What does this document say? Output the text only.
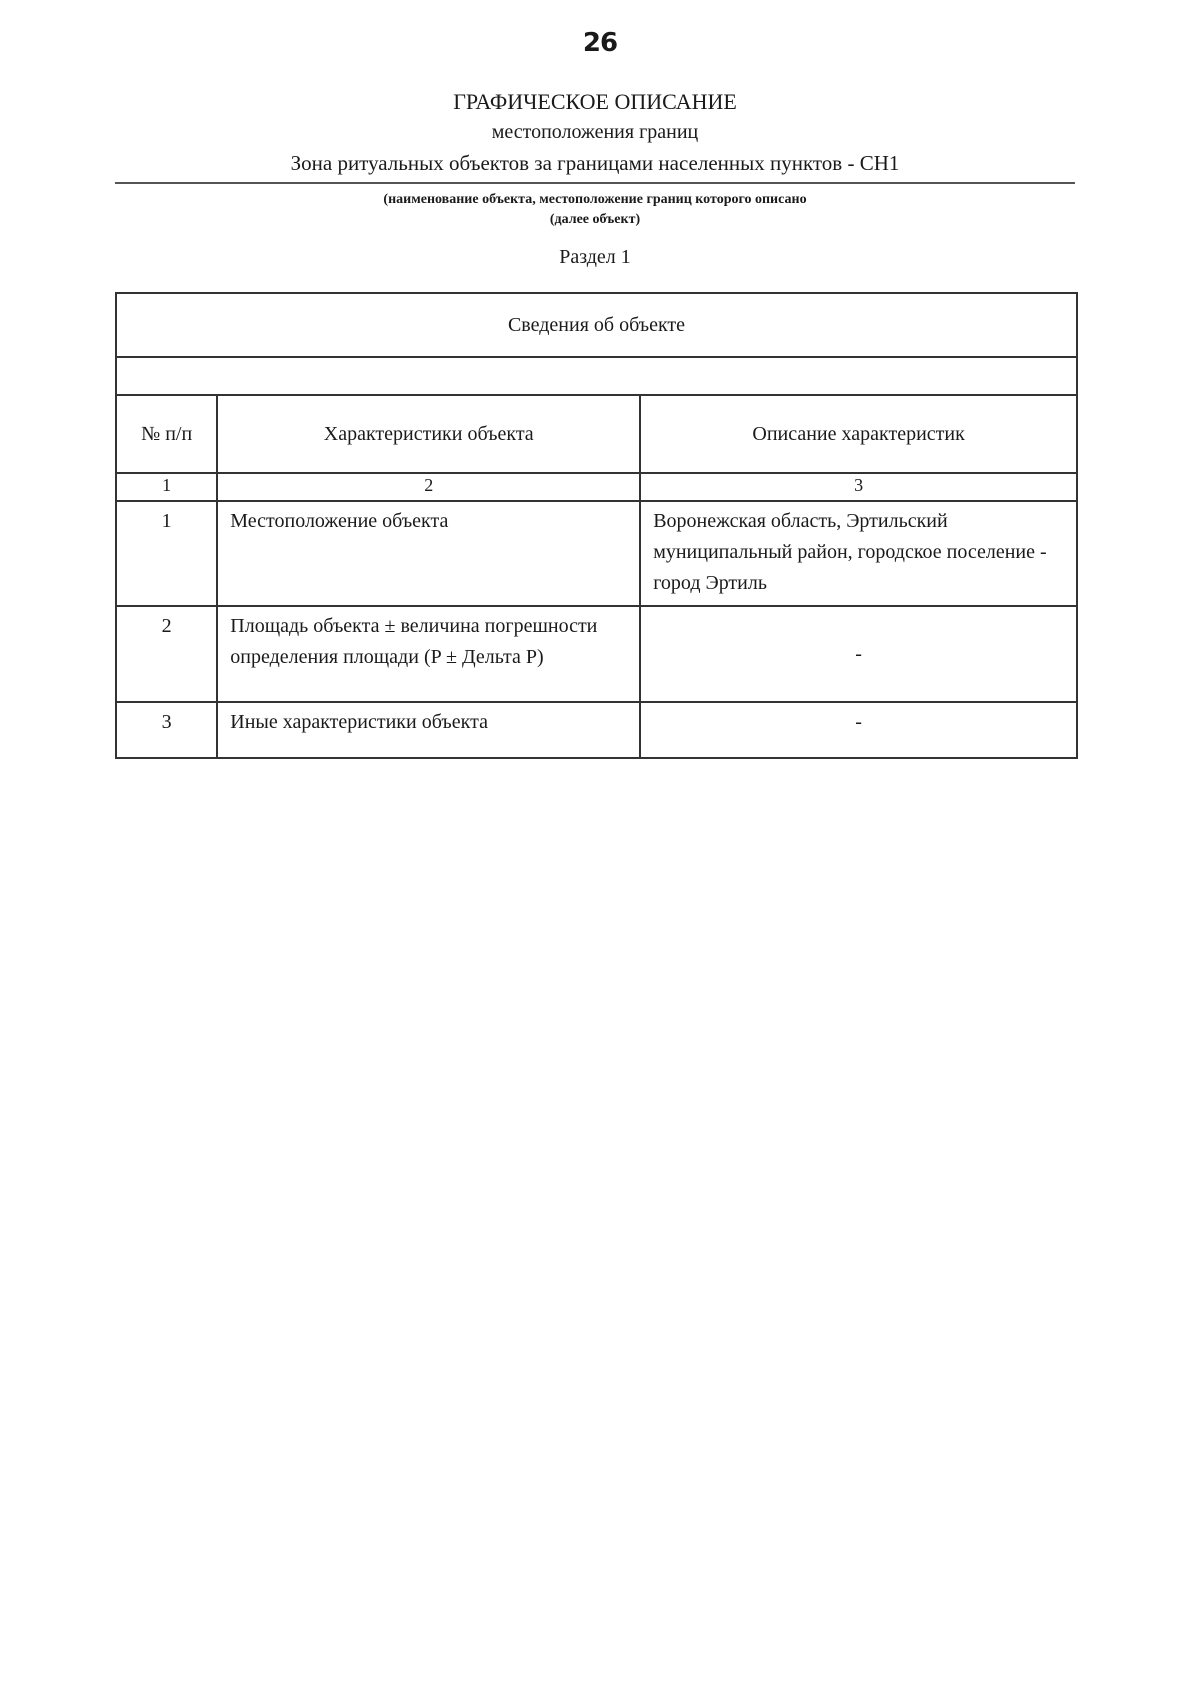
26
ГРАФИЧЕСКОЕ ОПИСАНИЕ
местоположения границ
Зона ритуальных объектов за границами населенных пунктов - СН1
(наименование объекта, местоположение границ которого описано
(далее объект)
Раздел 1
Сведения об объекте		

№ п/п	Характеристики объекта	Описание характеристик
1	2	3
1	Местоположение объекта	Воронежская область, Эртильский муниципальный район, городское поселение - город Эртиль
2	Площадь объекта ± величина погрешности определения площади (P ± Дельта P)	-
3	Иные характеристики объекта	-
